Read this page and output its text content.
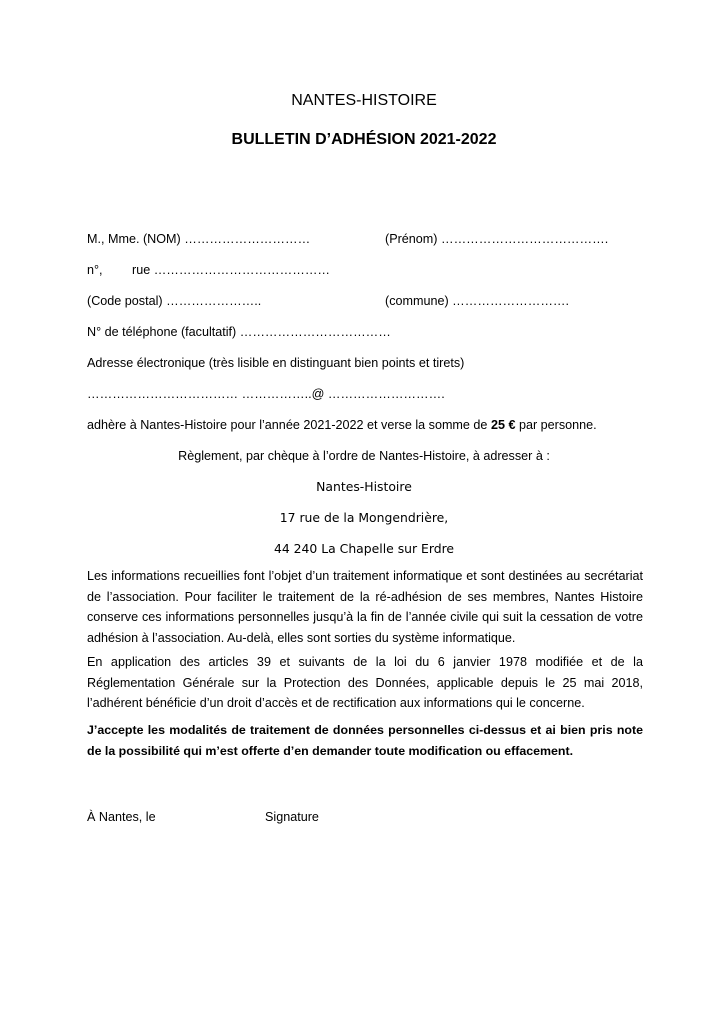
NANTES-HISTOIRE
BULLETIN D’ADHÉSION 2021-2022
M., Mme. (NOM) …………………………	(Prénom) ………………………………….
n°, rue ……………………………………
(Code postal) …………………..	(commune) ……………………….
N° de téléphone (facultatif) ………………………………
Adresse électronique (très lisible en distinguant bien points et tirets)
……………………………… ……………..@ ……………………….
adhère à Nantes-Histoire pour l’année 2021-2022 et verse la somme de 25 € par personne.
Règlement, par chèque à l’ordre de Nantes-Histoire, à adresser à :
Nantes-Histoire
17 rue de la Mongendrière,
44 240 La Chapelle sur Erdre
Les informations recueillies font l’objet d’un traitement informatique et sont destinées au secrétariat de l’association. Pour faciliter le traitement de la ré-adhésion de ses membres, Nantes Histoire conserve ces informations personnelles jusqu’à la fin de l’année civile qui suit la cessation de votre adhésion à l’association. Au-delà, elles sont sorties du système informatique.
En application des articles 39 et suivants de la loi du 6 janvier 1978 modifiée et de la Réglementation Générale sur la Protection des Données, applicable depuis le 25 mai 2018, l’adhérent bénéficie d’un droit d’accès et de rectification aux informations qui le concerne.
J’accepte les modalités de traitement de données personnelles ci-dessus et ai bien pris note de la possibilité qui m’est offerte d’en demander toute modification ou effacement.
À Nantes, le	Signature
